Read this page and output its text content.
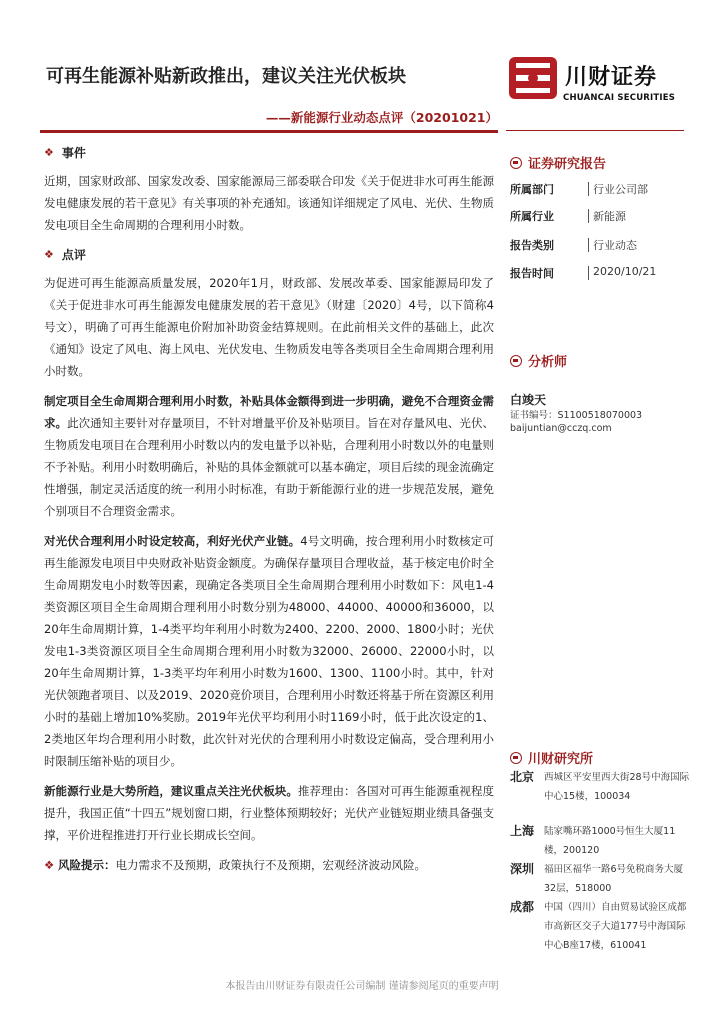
可再生能源补贴新政推出，建议关注光伏板块
——新能源行业动态点评（20201021）
川财证券
CHUANCAI SECURITIES
❖ 事件
近期，国家财政部、国家发改委、国家能源局三部委联合印发《关于促进非水可再生能源发电健康发展的若干意见》有关事项的补充通知。该通知详细规定了风电、光伏、生物质发电项目全生命周期的合理利用小时数。
❖ 点评
为促进可再生能源高质量发展，2020年1月，财政部、发展改革委、国家能源局印发了《关于促进非水可再生能源发电健康发展的若干意见》（财建〔2020〕4号，以下简称4号文），明确了可再生能源电价附加补助资金结算规则。在此前相关文件的基础上，此次《通知》设定了风电、海上风电、光伏发电、生物质发电等各类项目全生命周期合理利用小时数。
制定项目全生命周期合理利用小时数，补贴具体金额得到进一步明确，避免不合理资金需求。此次通知主要针对存量项目，不针对增量平价及补贴项目。旨在对存量风电、光伏、生物质发电项目在合理利用小时数以内的发电量予以补贴，合理利用小时数以外的电量则不予补贴。利用小时数明确后，补贴的具体金额就可以基本确定，项目后续的现金流确定性增强，制定灵活适度的统一利用小时标准，有助于新能源行业的进一步规范发展，避免个别项目不合理资金需求。
对光伏合理利用小时设定较高，利好光伏产业链。4号文明确，按合理利用小时数核定可再生能源发电项目中央财政补贴资金额度。为确保存量项目合理收益，基于核定电价时全生命周期发电小时数等因素，现确定各类项目全生命周期合理利用小时数如下：风电1-4类资源区项目全生命周期合理利用小时数分别为48000、44000、40000和36000，以20年生命周期计算，1-4类平均年利用小时数为2400、2200、2000、1800小时；光伏发电1-3类资源区项目全生命周期合理利用小时数为32000、26000、22000小时，以20年生命周期计算，1-3类平均年利用小时数为1600、1300、1100小时。其中，针对光伏领跑者项目、以及2019、2020竞价项目，合理利用小时数还将基于所在资源区利用小时的基础上增加10%奖励。2019年光伏平均利用小时1169小时，低于此次设定的1、2类地区年均合理利用小时数，此次针对光伏的合理利用小时数设定偏高，受合理利用小时限制压缩补贴的项目少。
新能源行业是大势所趋，建议重点关注光伏板块。推荐理由：各国对可再生能源重视程度提升，我国正值“十四五”规划窗口期，行业整体预期较好；光伏产业链短期业绩具备强支撑，平价进程推进打开行业长期成长空间。
❖ 风险提示：电力需求不及预期，政策执行不及预期，宏观经济波动风险。
证券研究报告
所属部门	行业公司部
所属行业	新能源
报告类别	行业动态
报告时间	2020/10/21
分析师
白竣天
证书编号：S1100518070003
baijuntian@cczq.com
川财研究所
北京 西城区平安里西大街28号中海国际中心15楼，100034
上海 陆家嘴环路1000号恒生大厦11楼，200120
深圳 福田区福华一路6号免税商务大厦32层，518000
成都 中国（四川）自由贸易试验区成都市高新区交子大道177号中海国际中心B座17楼，610041
本报告由川财证券有限责任公司编制 谨请参阅尾页的重要声明
